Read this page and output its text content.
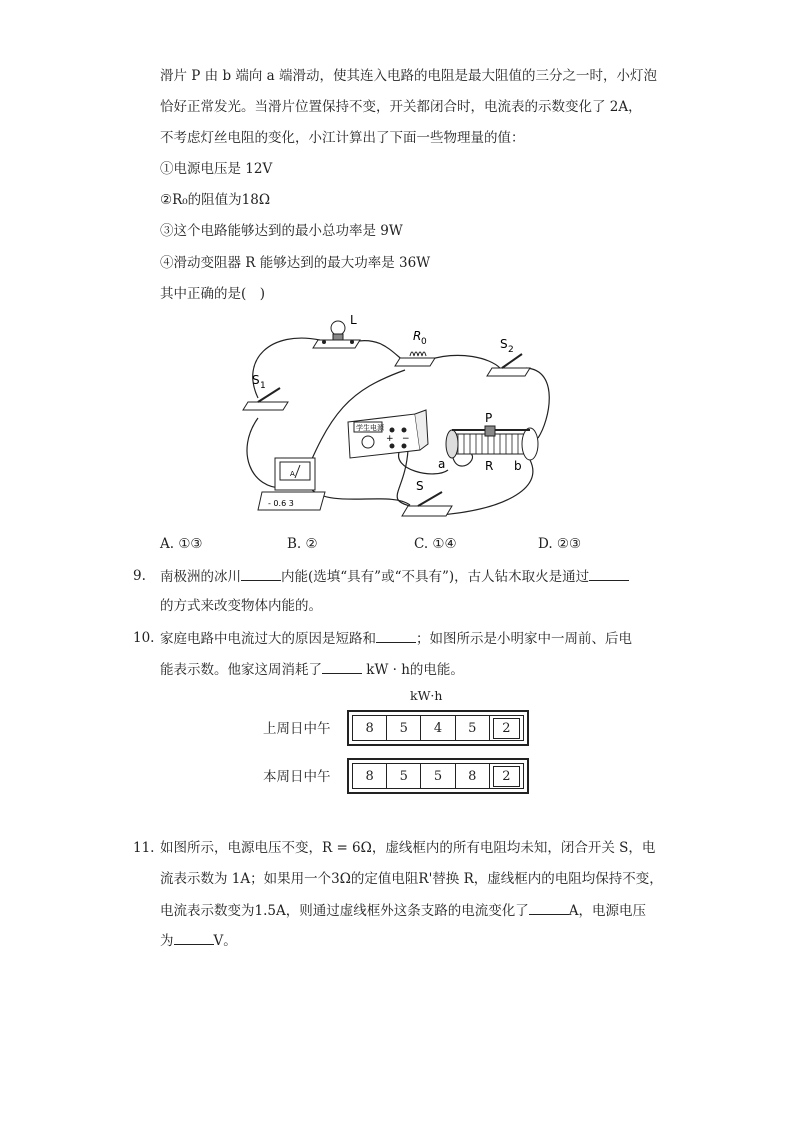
滑片 P 由 b 端向 a 端滑动，使其连入电路的电阻是最大阻值的三分之一时，小灯泡
恰好正常发光。当滑片位置保持不变，开关都闭合时，电流表的示数变化了 2A，
不考虑灯丝电阻的变化，小江计算出了下面一些物理量的值：
①电源电压是 12V
②R₀的阻值为18Ω
③这个电路能够达到的最小总功率是 9W
④滑动变阻器 R 能够达到的最大功率是 36W
其中正确的是(　)
L
R 0	S 2
S 1
学生电源
+ −
A
- 0.6 3
P
R
a	b
S
A. ①③	B. ②	C. ①④	D. ②③
9. 南极洲的冰川	内能(选填“具有”或“不具有”)，古人钻木取火是通过
的方式来改变物体内能的。
10. 家庭电路中电流过大的原因是短路和	；如图所示是小明家中一周前、后电
能表示数。他家这周消耗了	kW · h的电能。
kW·h
上周日中午	8	5	4	5	2
本周日中午	8	5	5	8	2
11. 如图所示，电源电压不变，R = 6Ω，虚线框内的所有电阻均未知，闭合开关 S，电
流表示数为 1A；如果用一个3Ω的定值电阻R'替换 R，虚线框内的电阻均保持不变，
电流表示数变为1.5A，则通过虚线框外这条支路的电流变化了	A，电源电压
为	V。
